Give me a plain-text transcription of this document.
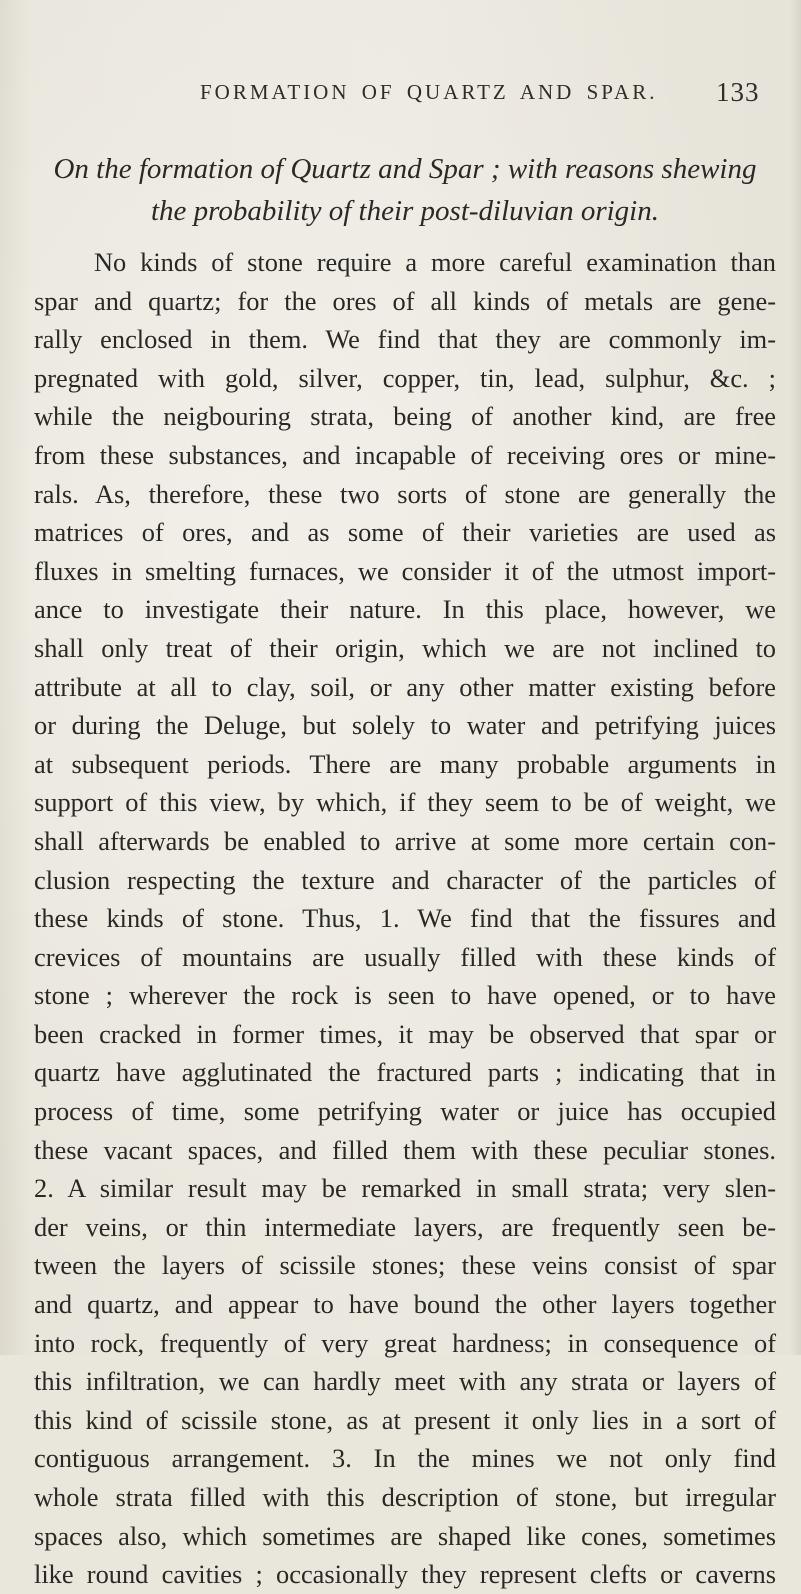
FORMATION OF QUARTZ AND SPAR.	133
On the formation of Quartz and Spar ; with reasons shewing
the probability of their post-diluvian origin.
No kinds of stone require a more careful examination than
spar and quartz; for the ores of all kinds of metals are gene-
rally enclosed in them. We find that they are commonly im-
pregnated with gold, silver, copper, tin, lead, sulphur, &c. ;
while the neigbouring strata, being of another kind, are free
from these substances, and incapable of receiving ores or mine-
rals. As, therefore, these two sorts of stone are generally the
matrices of ores, and as some of their varieties are used as
fluxes in smelting furnaces, we consider it of the utmost import-
ance to investigate their nature. In this place, however, we
shall only treat of their origin, which we are not inclined to
attribute at all to clay, soil, or any other matter existing before
or during the Deluge, but solely to water and petrifying juices
at subsequent periods. There are many probable arguments in
support of this view, by which, if they seem to be of weight, we
shall afterwards be enabled to arrive at some more certain con-
clusion respecting the texture and character of the particles of
these kinds of stone. Thus, 1. We find that the fissures and
crevices of mountains are usually filled with these kinds of
stone ; wherever the rock is seen to have opened, or to have
been cracked in former times, it may be observed that spar or
quartz have agglutinated the fractured parts ; indicating that in
process of time, some petrifying water or juice has occupied
these vacant spaces, and filled them with these peculiar stones.
2. A similar result may be remarked in small strata; very slen-
der veins, or thin intermediate layers, are frequently seen be-
tween the layers of scissile stones; these veins consist of spar
and quartz, and appear to have bound the other layers together
into rock, frequently of very great hardness; in consequence of
this infiltration, we can hardly meet with any strata or layers of
this kind of scissile stone, as at present it only lies in a sort of
contiguous arrangement. 3. In the mines we not only find
whole strata filled with this description of stone, but irregular
spaces also, which sometimes are shaped like cones, sometimes
like round cavities ; occasionally they represent clefts or caverns
